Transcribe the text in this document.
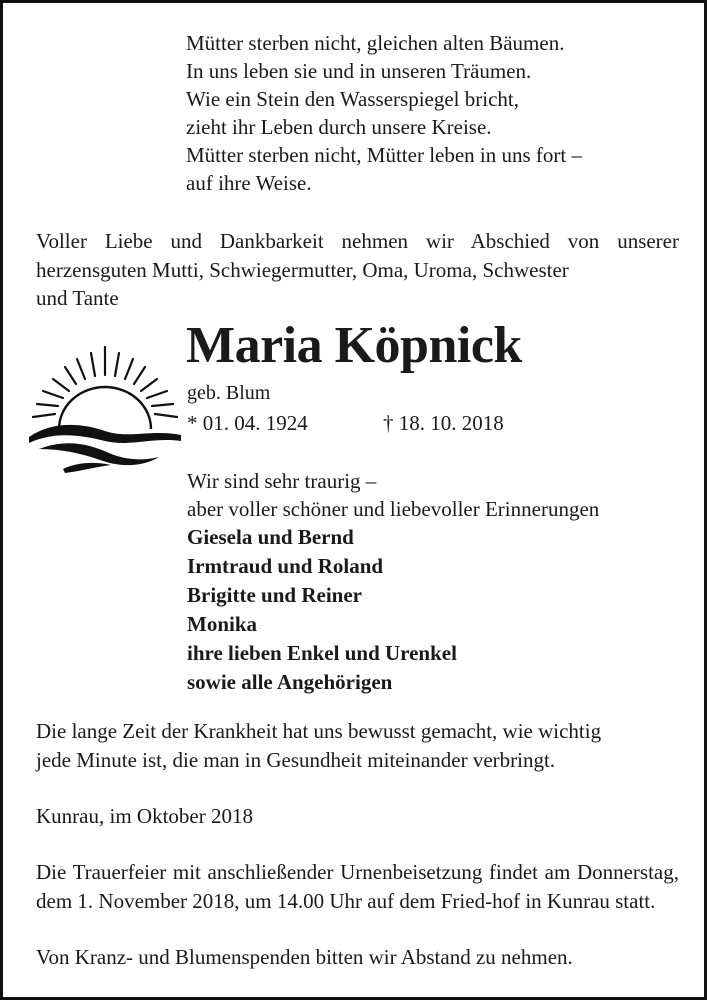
Mütter sterben nicht, gleichen alten Bäumen.
In uns leben sie und in unseren Träumen.
Wie ein Stein den Wasserspiegel bricht,
zieht ihr Leben durch unsere Kreise.
Mütter sterben nicht, Mütter leben in uns fort –
auf ihre Weise.
Voller Liebe und Dankbarkeit nehmen wir Abschied von unserer herzensguten Mutti, Schwiegermutter, Oma, Uroma, Schwester
und Tante
Maria Köpnick
geb. Blum
* 01. 04. 1924	† 18. 10. 2018
Wir sind sehr traurig –
aber voller schöner und liebevoller Erinnerungen
Giesela und Bernd
Irmtraud und Roland
Brigitte und Reiner
Monika
ihre lieben Enkel und Urenkel
sowie alle Angehörigen
Die lange Zeit der Krankheit hat uns bewusst gemacht, wie wichtig
jede Minute ist, die man in Gesundheit miteinander verbringt.
Kunrau, im Oktober 2018
Die Trauerfeier mit anschließender Urnenbeisetzung findet am Donnerstag, dem 1. November 2018, um 14.00 Uhr auf dem Fried-hof in Kunrau statt.
Von Kranz- und Blumenspenden bitten wir Abstand zu nehmen.
